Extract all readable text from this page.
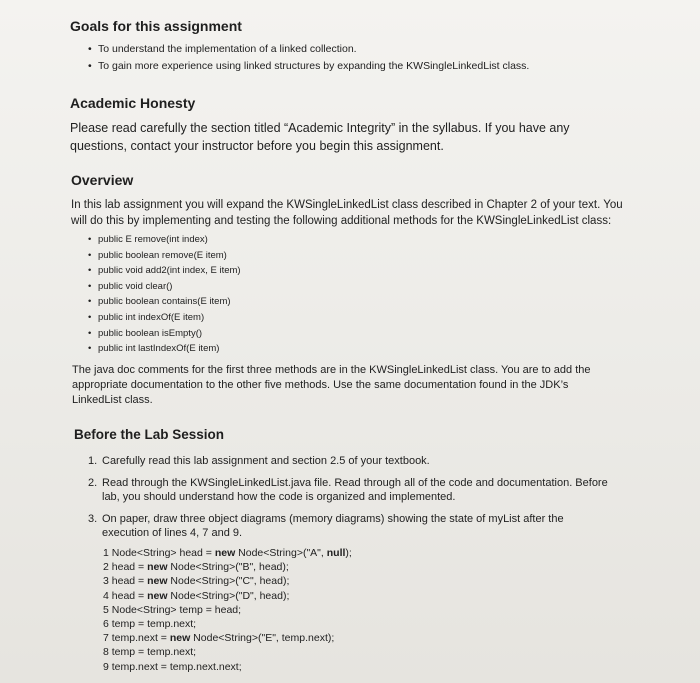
Goals for this assignment
• To understand the implementation of a linked collection.
• To gain more experience using linked structures by expanding the KWSingleLinkedList class.
Academic Honesty

Please read carefully the section titled “Academic Integrity” in the syllabus. If you have any questions, contact your instructor before you begin this assignment.

Overview

In this lab assignment you will expand the KWSingleLinkedList class described in Chapter 2 of your text. You will do this by implementing and testing the following additional methods for the KWSingleLinkedList class:

• public E remove(int index)
• public boolean remove(E item)
• public void add2(int index, E item)
• public void clear()
• public boolean contains(E item)
• public int indexOf(E item)
• public boolean isEmpty()
• public int lastIndexOf(E item)

The java doc comments for the first three methods are in the KWSingleLinkedList class. You are to add the appropriate documentation to the other five methods. Use the same documentation found in the JDK’s LinkedList class.

Before the Lab Session
1. Carefully read this lab assignment and section 2.5 of your textbook.
2. Read through the KWSingleLinkedList.java file. Read through all of the code and documentation. Before lab, you should understand how the code is organized and implemented.
3. On paper, draw three object diagrams (memory diagrams) showing the state of myList after the execution of lines 4, 7 and 9.
1 Node<String> head = new Node<String>("A", null);
2 head = new Node<String>("B", head);
3 head = new Node<String>("C", head);
4 head = new Node<String>("D", head);
5 Node<String> temp = head;
6 temp = temp.next;
7 temp.next = new Node<String>("E", temp.next);
8 temp = temp.next;
9 temp.next = temp.next.next;
